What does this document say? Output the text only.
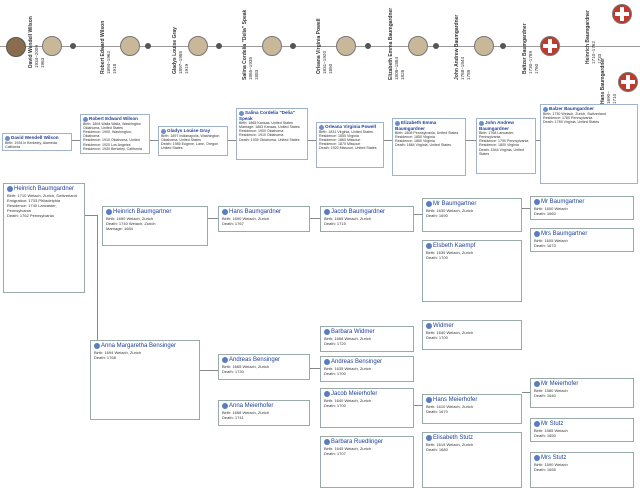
David Wendell Wilson
1934–2009
1963	Robert Edward Wilson
1894–1962
1918	Gladys Louise Gray
1897–1985
1919	Salina Cordelia "Delia" Speak
1865–1935
1883
Orleana Virginia Powell
1831–1920
1850	Elizabeth Emma Baumgardner
1808–1884
1826	John Andrew Baumgardner
1768–1844
1789
Baltzer Baumgardner
1730–1789
1760
Heinrich Baumgardner
1710–1762
1733
Hans Baumgardner
1690–
1710
David Wendell Wilson
Birth: 1934 in Berkeley, Alameda, California
Robert Edward Wilson
Birth: 1894 Walla Walla, Washington
Oklahoma, United States
Residence: 1900, Washington, Oklahoma
Residence: 1910 Oklahoma, United
Residence: 1920 Los Angeles
Residence: 1930 Berkeley, California
Gladys Louise Gray
Birth: 1897 Indianapolis, Washington
Oklahoma, United States
Death: 1985 Eugene, Lane, Oregon
United States
Salina Cordelia "Delia" Speak
Birth: 1865 Kansas, United States
Marriage: 1883 Kansas, United States
Residence: 1900 Oklahoma
Residence: 1910 Oklahoma
Death: 1935 Oklahoma, United States
Orleana Virginia Powell
Birth: 1831 Virginia, United States
Residence: 1850 Virginia
Residence: 1860 Missouri
Residence: 1870 Missouri
Death: 1920 Missouri, United States
Elizabeth Emma Baumgardner
Birth: 1808 Pennsylvania, United States
Residence: 1850 Virginia
Residence: 1860 Virginia
Death: 1884 Virginia, United States
John Andrew Baumgardner
Birth: 1768 Lancaster, Pennsylvania
Residence: 1790 Pennsylvania
Residence: 1800 Virginia
Death: 1844 Virginia, United States
Balzer Baumgardner
Birth: 1730 Weiach, Zurich, Switzerland
Residence: 1760 Pennsylvania
Death: 1789 Virginia, United States
Heinrich Baumgardner
Birth: 1710 Weiach, Zurich, Switzerland
Emigration: 1733 Philadelphia
Residence: 1740 Lancaster, Pennsylvania
Death: 1762 Pennsylvania
Heinrich Baumgartner
Birth: 1690 Weiach, Zurich
Death: 1740 Weiach, Zurich
Marriage: 1684
Anna Margaretha Bensinger
Birth: 1694 Weiach, Zurich
Death: 1768
Hans Baumgardner
Birth: 1690 Weiach, Zurich
Death: 1767
Andreas Bensinger
Birth: 1665 Weiach, Zurich
Death: 1730
Anna Meierhofer
Birth: 1668 Weiach, Zurich
Death: 1741
Jacob Baumgardner
Birth: 1665 Weiach, Zurich
Death: 1715
Barbara Widmer
Birth: 1668 Weiach, Zurich
Death: 1720
Andreas Bensinger
Birth: 1635 Weiach, Zurich
Death: 1700
Jacob Meierhofer
Birth: 1640 Weiach, Zurich
Death: 1700
Barbara Ruedlinger
Birth: 1645 Weiach, Zurich
Death: 1707
Mr Baumgartner
Birth: 1630 Weiach, Zurich
Death: 1690
Elsbeth Kaempf
Birth: 1635 Weiach, Zurich
Death: 1700
Widmer
Birth: 1640 Weiach, Zurich
Death: 1700
Hans Meierhofer
Birth: 1610 Weiach, Zurich
Death: 1670
Elisabeth Stutz
Birth: 1615 Weiach, Zurich
Death: 1680
Mr Baumgartner
Birth: 1600 Weiach
Death: 1660
Mrs Baumgartner
Birth: 1605 Weiach
Death: 1670
Mr Meierhofer
Birth: 1580 Weiach
Death: 1640
Mr Stutz
Birth: 1585 Weiach
Death: 1650
Mrs Stutz
Birth: 1590 Weiach
Death: 1655
